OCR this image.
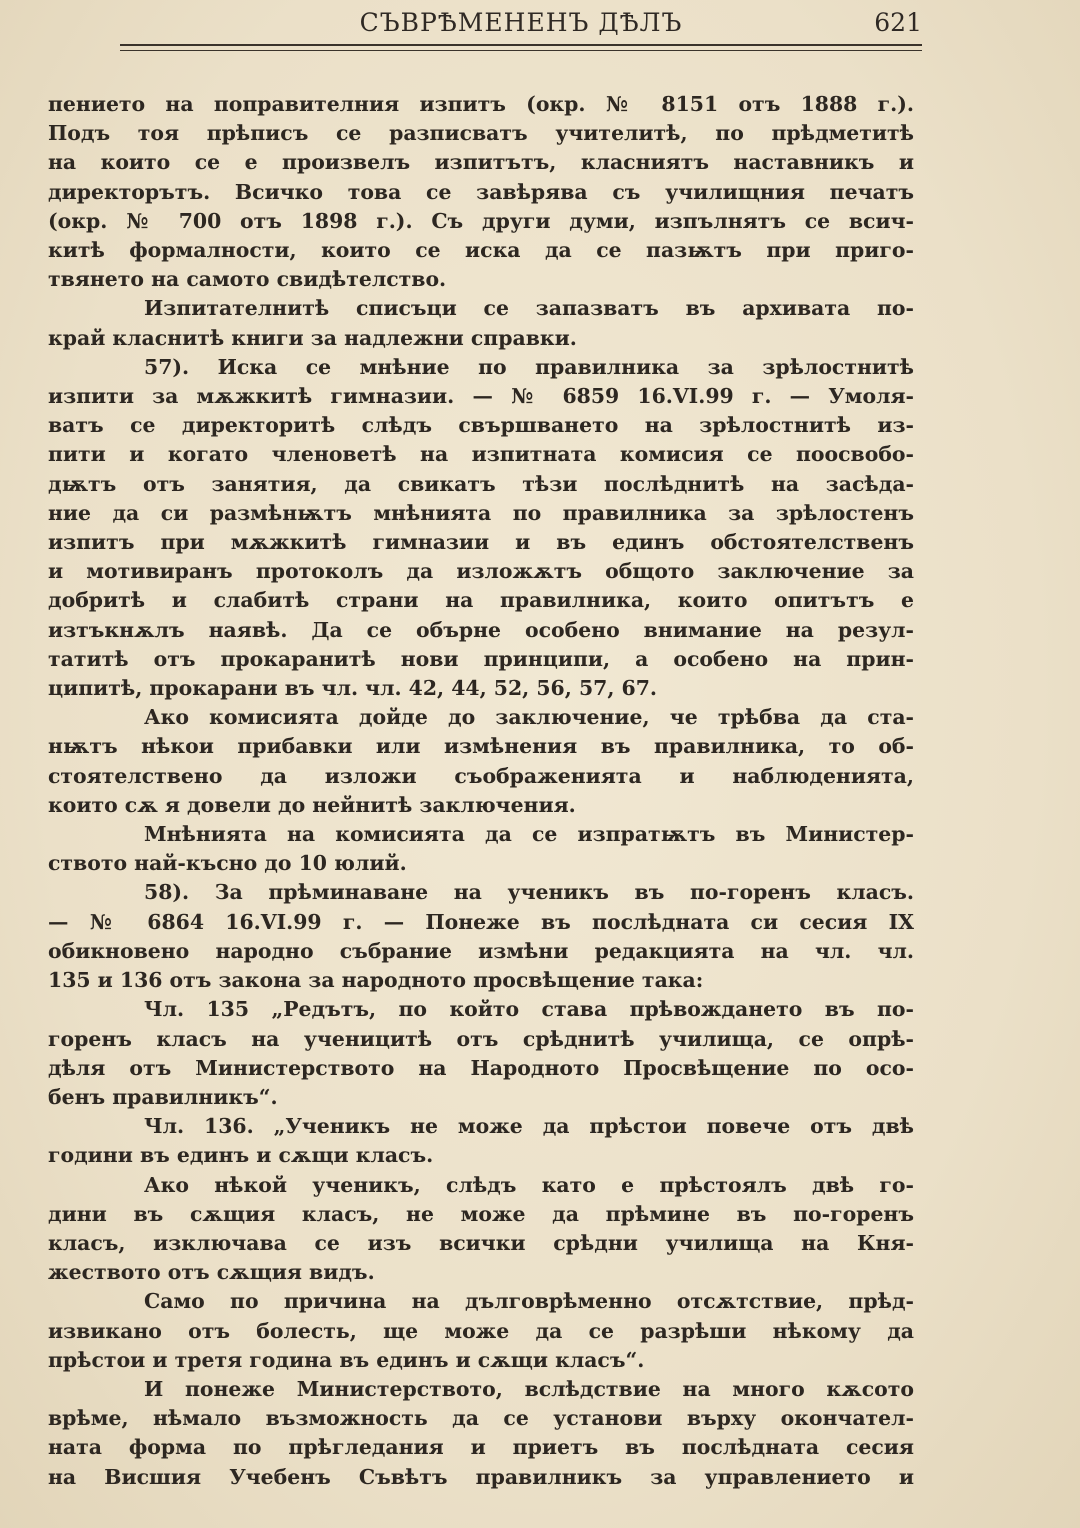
СЪВРѢМЕНЕНЪ ДѢЛЪ	621
пението на поправителния изпитъ (окр. № 8151 отъ 1888 г.).
Подъ тоя прѣписъ се разписватъ учителитѣ, по прѣдметитѣ
на които се е произвелъ изпитътъ, класниятъ наставникъ и
директорътъ. Всичко това се завѣрява съ училищния печатъ
(окр. № 700 отъ 1898 г.). Съ други думи, изпълнятъ се всич-
китѣ формалности, които се иска да се пазѭтъ при приго-
твянето на самото свидѣтелство.
Изпитателнитѣ списъци се запазватъ въ архивата по-
край класнитѣ книги за надлежни справки.
57). Иска се мнѣние по правилника за зрѣлостнитѣ
изпити за мѫжкитѣ гимназии. — № 6859 16.VI.99 г. — Умоля-
ватъ се директоритѣ слѣдъ свършването на зрѣлостнитѣ из-
пити и когато членоветѣ на изпитната комисия се поосвобо-
дѭтъ отъ занятия, да свикатъ тѣзи послѣднитѣ на засѣда-
ние да си размѣнѭтъ мнѣнията по правилника за зрѣлостенъ
изпитъ при мѫжкитѣ гимназии и въ единъ обстоятелственъ
и мотивиранъ протоколъ да изложѫтъ общото заключение за
добритѣ и слабитѣ страни на правилника, които опитътъ е
изтъкнѫлъ наявѣ. Да се обърне особено внимание на резул-
татитѣ отъ прокаранитѣ нови принципи, а особено на прин-
ципитѣ, прокарани въ чл. чл. 42, 44, 52, 56, 57, 67.
Ако комисията дойде до заключение, че трѣбва да ста-
нѭтъ нѣкои прибавки или измѣнения въ правилника, то об-
стоятелствено да изложи съображенията и наблюденията,
които сѫ я довели до нейнитѣ заключения.
Мнѣнията на комисията да се изпратѭтъ въ Министер-
ството най-късно до 10 юлий.
58). За прѣминаване на ученикъ въ по-горенъ класъ.
— № 6864 16.VI.99 г. — Понеже въ послѣдната си сесия IX
обикновено народно събрание измѣни редакцията на чл. чл.
135 и 136 отъ закона за народното просвѣщение така:
Чл. 135 „Редътъ, по който става прѣвождането въ по-
горенъ класъ на ученицитѣ отъ срѣднитѣ училища, се опрѣ-
дѣля отъ Министерството на Народното Просвѣщение по осо-
бенъ правилникъ“.
Чл. 136. „Ученикъ не може да прѣстои повече отъ двѣ
години въ единъ и сѫщи класъ.
Ако нѣкой ученикъ, слѣдъ като е прѣстоялъ двѣ го-
дини въ сѫщия класъ, не може да прѣмине въ по-горенъ
класъ, изключава се изъ всички срѣдни училища на Кня-
жеството отъ сѫщия видъ.
Само по причина на дълговрѣменно отсѫтствие, прѣд-
извикано отъ болесть, ще може да се разрѣши нѣкому да
прѣстои и третя година въ единъ и сѫщи класъ“.
И понеже Министерството, вслѣдствие на много кѫсото
врѣме, нѣмало възможность да се установи върху окончател-
ната форма по прѣгледания и приетъ въ послѣдната сесия
на Висшия Учебенъ Съвѣтъ правилникъ за управлението и
